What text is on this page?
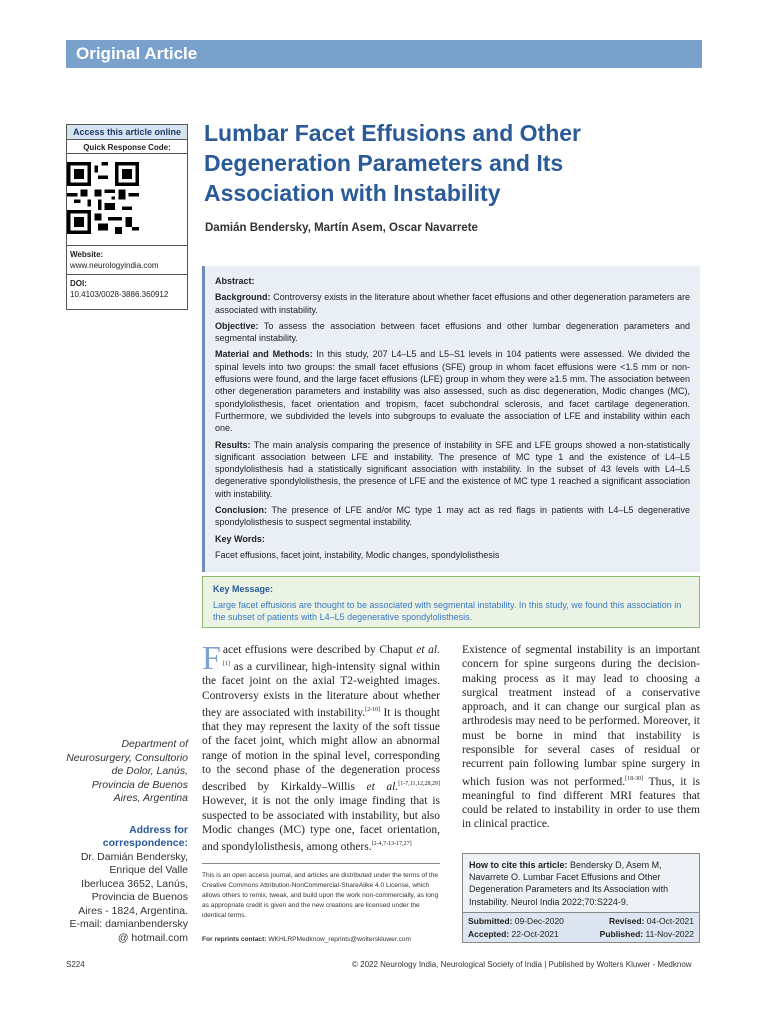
Original Article
Access this article online
Quick Response Code:
Website:
www.neurologyindia.com
DOI:
10.4103/0028-3886.360912
Lumbar Facet Effusions and Other Degeneration Parameters and Its Association with Instability
Damián Bendersky, Martín Asem, Oscar Navarrete

Abstract:

Background: Controversy exists in the literature about whether facet effusions and other degeneration parameters are associated with instability.

Objective: To assess the association between facet effusions and other lumbar degeneration parameters and segmental instability.

Material and Methods: In this study, 207 L4–L5 and L5–S1 levels in 104 patients were assessed. We divided the spinal levels into two groups: the small facet effusions (SFE) group in whom facet effusions were <1.5 mm or non-effusions were found, and the large facet effusions (LFE) group in whom they were ≥1.5 mm. The association between other degeneration parameters and instability was also assessed, such as disc degeneration, Modic changes (MC), spondylolisthesis, facet orientation and tropism, facet subchondral sclerosis, and facet cartilage degeneration. Furthermore, we subdivided the levels into subgroups to evaluate the association of LFE and instability within each one.

Results: The main analysis comparing the presence of instability in SFE and LFE groups showed a non-statistically significant association between LFE and instability. The presence of MC type 1 and the existence of L4–L5 spondylolisthesis had a statistically significant association with instability. In the subset of 43 levels with L4–L5 degenerative spondylolisthesis, the presence of LFE and the existence of MC type 1 reached a significant association with instability.

Conclusion: The presence of LFE and/or MC type 1 may act as red flags in patients with L4–L5 degenerative spondylolisthesis to suspect segmental instability.

Key Words:

Facet effusions, facet joint, instability, Modic changes, spondylolisthesis

Key Message:
Large facet effusions are thought to be associated with segmental instability. In this study, we found this association in the subset of patients with L4–L5 degenerative spondylolisthesis.
Department of Neurosurgery, Consultorio de Dolor, Lanús, Provincia de Buenos Aires, Argentina
Address for correspondence:
Dr. Damián Bendersky, Enrique del Valle Iberlucea 3652, Lanús, Provincia de Buenos Aires - 1824, Argentina. E-mail: damianbendersky @ hotmail.com
Facet effusions were described by Chaput et al.[1] as a curvilinear, high-intensity signal within the facet joint on the axial T2-weighted images. Controversy exists in the literature about whether they are associated with instability.[2-10] It is thought that they may represent the laxity of the soft tissue of the facet joint, which might allow an abnormal range of motion in the spinal level, corresponding to the second phase of the degeneration process described by Kirkaldy–Willis et al.[1-7,11,12,28,29] However, it is not the only image finding that is suspected to be associated with instability, but also Modic changes (MC) type one, facet orientation, and spondylolisthesis, among others.[2-4,7-13-17,27]
Existence of segmental instability is an important concern for spine surgeons during the decision-making process as it may lead to choosing a surgical treatment instead of a conservative approach, and it can change our surgical plan as arthrodesis may need to be performed. Moreover, it must be borne in mind that instability is responsible for several cases of residual or recurrent pain following lumbar spine surgery in which fusion was not performed.[18-30] Thus, it is meaningful to find different MRI features that could be related to instability in order to use them in clinical practice.
This is an open access journal, and articles are distributed under the terms of the Creative Commons Attribution-NonCommercial-ShareAlike 4.0 License, which allows others to remix, tweak, and build upon the work non-commercially, as long as appropriate credit is given and the new creations are licensed under the identical terms.
For reprints contact: WKHLRPMedknow_reprints@wolterskluwer.com
How to cite this article: Bendersky D, Asem M, Navarrete O. Lumbar Facet Effusions and Other Degeneration Parameters and Its Association with Instability. Neurol India 2022;70:S224-9.
Submitted: 09-Dec-2020	Revised: 04-Oct-2021
Accepted: 22-Oct-2021	Published: 11-Nov-2022
S224	© 2022 Neurology India, Neurological Society of India | Published by Wolters Kluwer - Medknow
